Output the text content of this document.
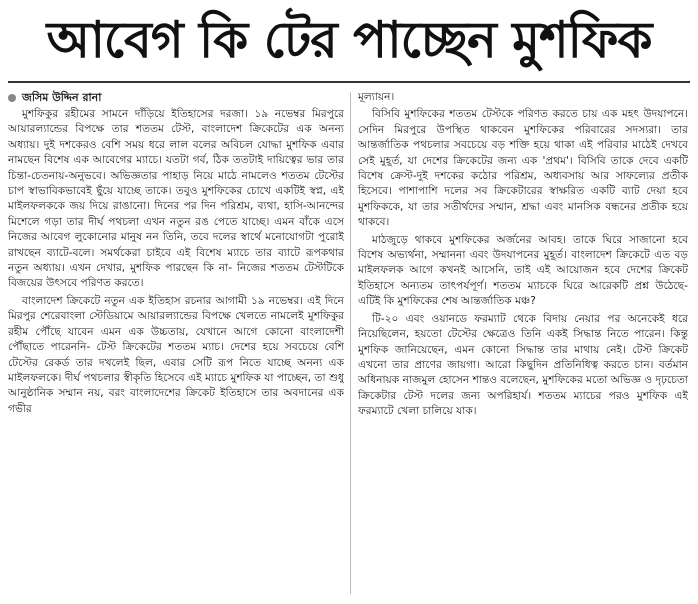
আবেগ কি টের পাচ্ছেন মুশফিক
জসিম উদ্দিন রানা

মুশফিকুর রহীমের সামনে দাঁড়িয়ে ইতিহাসের দরজা। ১৯ নভেম্বর মিরপুরে আয়ারল্যান্ডের বিপক্ষে তার শততম টেস্ট, বাংলাদেশ ক্রিকেটের এক অনন্য অধ্যায়। দুই দশকেরও বেশি সময় ধরে লাল বলের অবিচল যোদ্ধা মুশফিক এবার নামছেন বিশেষ এক আবেগের ম্যাচে। যতটা গর্ব, ঠিক ততটাই দায়িত্বের ভার তার চিন্তা-চেতনায়-অনুভবে। অভিজ্ঞতার পাহাড় নিয়ে মাঠে নামলেও শততম টেস্টের চাপ স্বাভাবিকভাবেই ছুঁয়ে যাচ্ছে তাকে। তবুও মুশফিকের চোখে একটিই স্বপ্ন, এই মাইলফলককে জয় দিয়ে রাঙানো। দিনের পর দিন পরিশ্রম, ব্যথা, হাসি-আনন্দের মিশেলে গড়া তার দীর্ঘ পথচলা এখন নতুন রঙ পেতে যাচ্ছে। এমন বাঁকে এসে নিজের আবেগ লুকোনোর মানুষ নন তিনি, তবে দলের স্বার্থে মনোযোগটা পুরোই রাখছেন ব্যাটে-বলে। সমর্থকেরা চাইবে এই বিশেষ ম্যাচে তার ব্যাটে রূপকথার নতুন অধ্যায়। এখন দেখার, মুশফিক পারছেন কি না- নিজের শততম টেস্টটিকে বিজয়ের উৎসবে পরিণত করতে।

বাংলাদেশ ক্রিকেটে নতুন এক ইতিহাস রচনার আগামী ১৯ নভেম্বর। এই দিনে মিরপুর শেরেবাংলা স্টেডিয়ামে আয়ারল্যান্ডের বিপক্ষে খেলতে নামলেই মুশফিকুর রহীম পৌঁছে যাবেন এমন এক উচ্চতায়, যেখানে আগে কোনো বাংলাদেশী পৌঁছাতে পারেননি- টেস্ট ক্রিকেটের শততম ম্যাচ। দেশের হয়ে সবচেয়ে বেশি টেস্টের রেকর্ড তার দখলেই ছিল, এবার সেটি রূপ নিতে যাচ্ছে অনন্য এক মাইলফলকে। দীর্ঘ পথচলার স্বীকৃতি হিসেবে এই ম্যাচে মুশফিক যা পাচ্ছেন, তা শুধু আনুষ্ঠানিক সম্মান নয়, বরং বাংলাদেশের ক্রিকেট ইতিহাসে তার অবদানের এক গভীর

মূল্যায়ন।

বিসিবি মুশফিকের শততম টেস্টকে পরিণত করতে চায় এক মহৎ উদযাপনে। সেদিন মিরপুরে উপস্থিত থাকবেন মুশফিকের পরিবারের সদস্যরা। তার আন্তর্জাতিক পথচলার সবচেয়ে বড় শক্তি হয়ে থাকা এই পরিবার মাঠেই দেখবে সেই মুহূর্ত, যা দেশের ক্রিকেটের জন্য এক 'প্রথম'। বিসিবি তাকে দেবে একটি বিশেষ ক্রেস্ট-দুই দশকের কঠোর পরিশ্রম, অধ্যবসায় আর সাফল্যের প্রতীক হিসেবে। পাশাপাশি দলের সব ক্রিকেটারের স্বাক্ষরিত একটি ব্যাট দেয়া হবে মুশফিককে, যা তার সতীর্থদের সম্মান, শ্রদ্ধা এবং মানসিক বন্ধনের প্রতীক হয়ে থাকবে।

মাঠজুড়ে থাকবে মুশফিকের অর্জনের আবহ। তাকে ঘিরে সাজানো হবে বিশেষ অভ্যর্থনা, সম্মাননা এবং উদযাপনের মুহূর্ত। বাংলাদেশ ক্রিকেটে এত বড় মাইলফলক আগে কখনই আসেনি, তাই এই আয়োজন হবে দেশের ক্রিকেট ইতিহাসে অন্যতম তাৎপর্যপূর্ণ। শততম ম্যাচকে ঘিরে আরেকটি প্রশ্ন উঠেছে- এটিই কি মুশফিকের শেষ আন্তর্জাতিক মঞ্চ?

টি-২০ এবং ওয়ানডে ফরম্যাট থেকে বিদায় নেয়ার পর অনেকেই ধরে নিয়েছিলেন, হয়তো টেস্টের ক্ষেত্রেও তিনি একই সিদ্ধান্ত নিতে পারেন। কিন্তু মুশফিক জানিয়েছেন, এমন কোনো সিদ্ধান্ত তার মাথায় নেই। টেস্ট ক্রিকেট এখনো তার প্রাণের জায়গা। আরো কিছুদিন প্রতিনিধিত্ব করতে চান। বর্তমান অধিনায়ক নাজমুল হোসেন শান্তও বলেছেন, মুশফিকের মতো অভিজ্ঞ ও দৃঢ়চেতা ক্রিকেটার টেস্ট দলের জন্য অপরিহার্য। শততম ম্যাচের পরও মুশফিক এই ফরম্যাটে খেলা চালিয়ে যাক।
